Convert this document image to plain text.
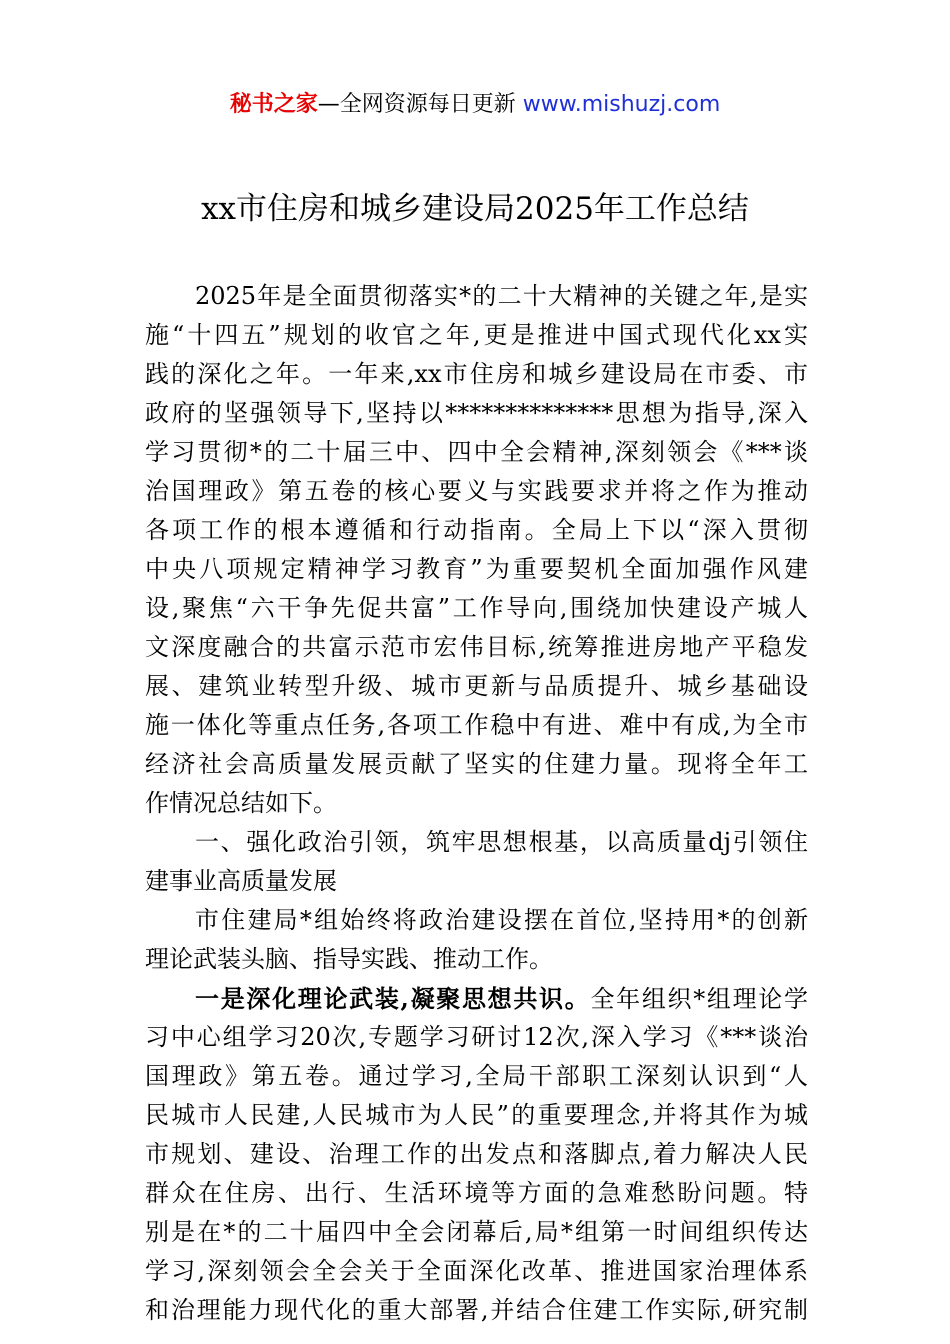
秘书之家—全网资源每日更新 www.mishuzj.com
xx市住房和城乡建设局2025年工作总结
2025年是全面贯彻落实*的二十大精神的关键之年,是实
施“十四五”规划的收官之年,更是推进中国式现代化xx实
践的深化之年。一年来,xx市住房和城乡建设局在市委、市
政府的坚强领导下,坚持以**************思想为指导,深入
学习贯彻*的二十届三中、四中全会精神,深刻领会《***谈
治国理政》第五卷的核心要义与实践要求并将之作为推动
各项工作的根本遵循和行动指南。全局上下以“深入贯彻
中央八项规定精神学习教育”为重要契机全面加强作风建
设,聚焦“六干争先促共富”工作导向,围绕加快建设产城人
文深度融合的共富示范市宏伟目标,统筹推进房地产平稳发
展、建筑业转型升级、城市更新与品质提升、城乡基础设
施一体化等重点任务,各项工作稳中有进、难中有成,为全市
经济社会高质量发展贡献了坚实的住建力量。现将全年工
作情况总结如下。
一、强化政治引领，筑牢思想根基，以高质量dj引领住
建事业高质量发展
市住建局*组始终将政治建设摆在首位,坚持用*的创新
理论武装头脑、指导实践、推动工作。
一是深化理论武装,凝聚思想共识。全年组织*组理论学
习中心组学习20次,专题学习研讨12次,深入学习《***谈治
国理政》第五卷。通过学习,全局干部职工深刻认识到“人
民城市人民建,人民城市为人民”的重要理念,并将其作为城
市规划、建设、治理工作的出发点和落脚点,着力解决人民
群众在住房、出行、生活环境等方面的急难愁盼问题。特
别是在*的二十届四中全会闭幕后,局*组第一时间组织传达
学习,深刻领会全会关于全面深化改革、推进国家治理体系
和治理能力现代化的重大部署,并结合住建工作实际,研究制
